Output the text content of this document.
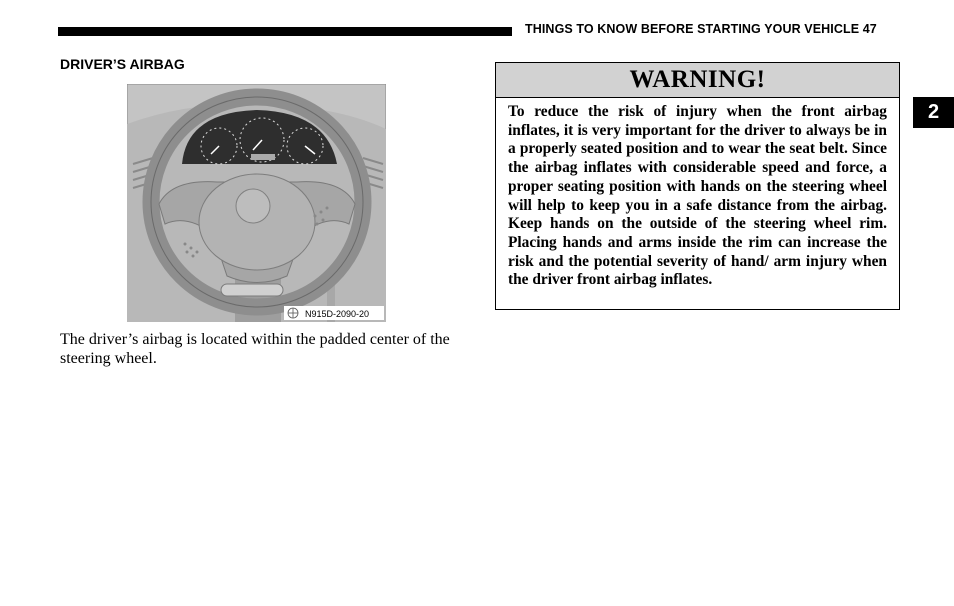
THINGS TO KNOW BEFORE STARTING YOUR VEHICLE 47
DRIVER’S AIRBAG
N915D-2090-20
The driver’s airbag is located within the padded center of the steering wheel.
WARNING!
To reduce the risk of injury when the front airbag inflates, it is very important for the driver to always be in a properly seated position and to wear the seat belt. Since the airbag inflates with considerable speed and force, a proper seating position with hands on the steering wheel will help to keep you in a safe distance from the airbag. Keep hands on the outside of the steering wheel rim. Placing hands and arms inside the rim can increase the risk and the potential severity of hand/ arm injury when the driver front airbag inflates.
2
